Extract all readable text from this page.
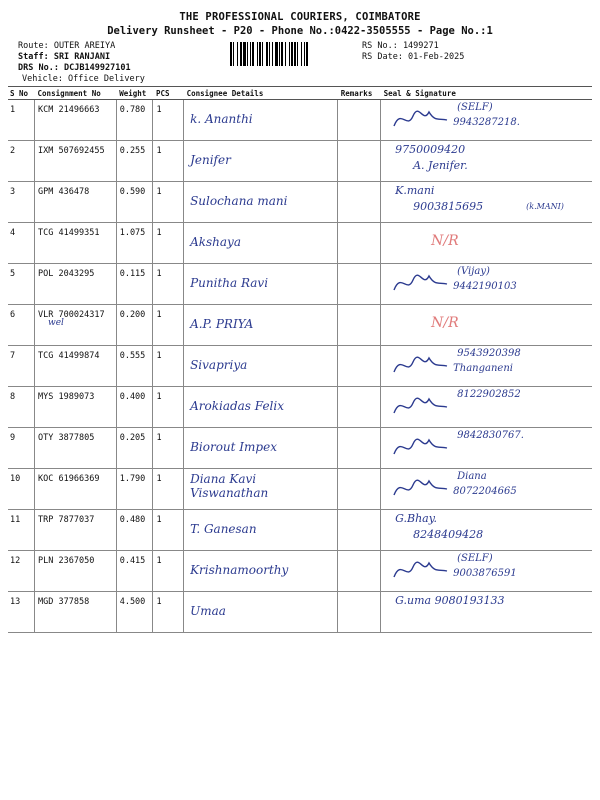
THE PROFESSIONAL COURIERS, COIMBATORE
Delivery Runsheet - P20 - Phone No.:0422-3505555 - Page No.:1
Route: OUTER AREIYA
Staff: SRI RANJANI
DRS No.: DCJB149927101
Vehicle: Office Delivery
RS No.: 1499271
RS Date: 01-Feb-2025
S No	Consignment No	Weight	PCS	Consignee Details	Remarks	Seal & Signature
1	KCM 21496663	0.780	1	k. Ananthi		(SELF)
9943287218.

2	IXM 507692455	0.255	1	Jenifer		9750009420
A. Jenifer.

3	GPM 436478	0.590	1	Sulochana mani		K.mani
9003815695 (k.MANI)

4	TCG 41499351	1.075	1	Akshaya		N/R

5	POL 2043295	0.115	1	Punitha Ravi		(Vijay)
9442190103

6	VLR 700024317	0.200	1	A.P. PRIYA		N/R

7	TCG 41499874	0.555	1	Sivapriya		9543920398
Thanganeni

8	MYS 1989073	0.400	1	Arokiadas Felix		8122902852

9	OTY 3877805	0.205	1	Biorout Impex		9842830767.

10	KOC 61966369	1.790	1	Diana Kavi Viswanathan		Diana
8072204665

11	TRP 7877037	0.480	1	T. Ganesan		G.Bhay.
8248409428

12	PLN 2367050	0.415	1	Krishnamoorthy		(SELF)
9003876591

13	MGD 377858	4.500	1	Umaa		G.uma 9080193133
wel
